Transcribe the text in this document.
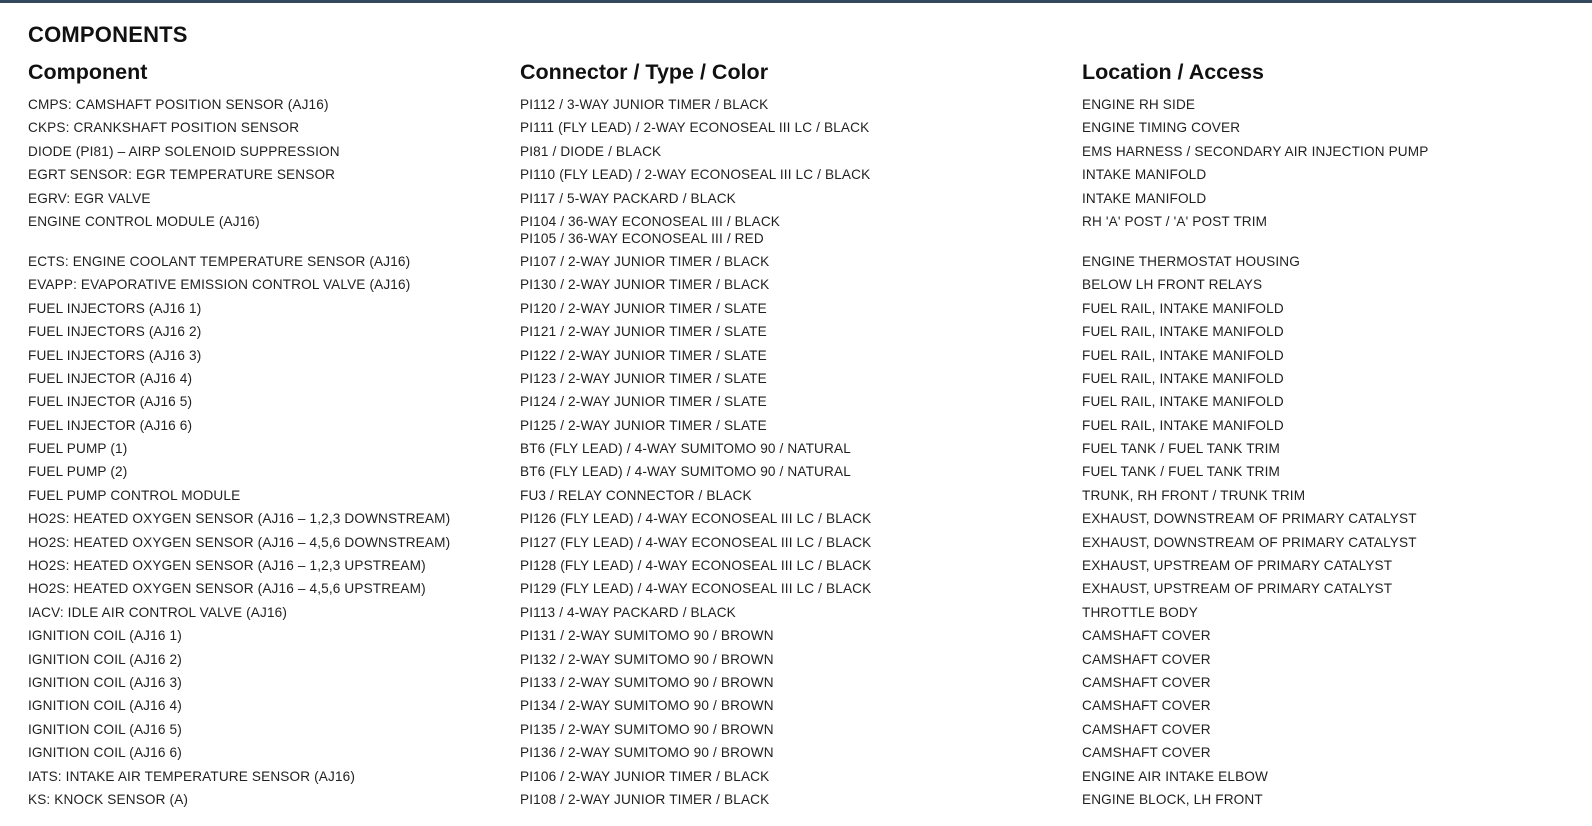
COMPONENTS
Component
CMPS: CAMSHAFT POSITION SENSOR (AJ16)
CKPS: CRANKSHAFT POSITION SENSOR
DIODE (PI81) – AIRP SOLENOID SUPPRESSION
EGRT SENSOR: EGR TEMPERATURE SENSOR
EGRV: EGR VALVE
ENGINE CONTROL MODULE (AJ16)
ECTS: ENGINE COOLANT TEMPERATURE SENSOR (AJ16)
EVAPP: EVAPORATIVE EMISSION CONTROL VALVE (AJ16)
FUEL INJECTORS (AJ16 1)
FUEL INJECTORS (AJ16 2)
FUEL INJECTORS (AJ16 3)
FUEL INJECTOR (AJ16 4)
FUEL INJECTOR (AJ16 5)
FUEL INJECTOR (AJ16 6)
FUEL PUMP (1)
FUEL PUMP (2)
FUEL PUMP CONTROL MODULE
HO2S: HEATED OXYGEN SENSOR (AJ16 – 1,2,3 DOWNSTREAM)
HO2S: HEATED OXYGEN SENSOR (AJ16 – 4,5,6 DOWNSTREAM)
HO2S: HEATED OXYGEN SENSOR (AJ16 – 1,2,3 UPSTREAM)
HO2S: HEATED OXYGEN SENSOR (AJ16 – 4,5,6 UPSTREAM)
IACV: IDLE AIR CONTROL VALVE (AJ16)
IGNITION COIL (AJ16 1)
IGNITION COIL (AJ16 2)
IGNITION COIL (AJ16 3)
IGNITION COIL (AJ16 4)
IGNITION COIL (AJ16 5)
IGNITION COIL (AJ16 6)
IATS: INTAKE AIR TEMPERATURE SENSOR (AJ16)
KS: KNOCK SENSOR (A)
Connector / Type / Color
PI112 / 3-WAY JUNIOR TIMER / BLACK
PI111 (FLY LEAD) / 2-WAY ECONOSEAL III LC / BLACK
PI81 / DIODE / BLACK
PI110 (FLY LEAD) / 2-WAY ECONOSEAL III LC / BLACK
PI117 / 5-WAY PACKARD / BLACK
PI104 / 36-WAY ECONOSEAL III / BLACK
PI105 / 36-WAY ECONOSEAL III / RED
PI107 / 2-WAY JUNIOR TIMER / BLACK
PI130 / 2-WAY JUNIOR TIMER / BLACK
PI120 / 2-WAY JUNIOR TIMER / SLATE
PI121 / 2-WAY JUNIOR TIMER / SLATE
PI122 / 2-WAY JUNIOR TIMER / SLATE
PI123 / 2-WAY JUNIOR TIMER / SLATE
PI124 / 2-WAY JUNIOR TIMER / SLATE
PI125 / 2-WAY JUNIOR TIMER / SLATE
BT6 (FLY LEAD) / 4-WAY SUMITOMO 90 / NATURAL
BT6 (FLY LEAD) / 4-WAY SUMITOMO 90 / NATURAL
FU3 / RELAY CONNECTOR / BLACK
PI126 (FLY LEAD) / 4-WAY ECONOSEAL III LC / BLACK
PI127 (FLY LEAD) / 4-WAY ECONOSEAL III LC / BLACK
PI128 (FLY LEAD) / 4-WAY ECONOSEAL III LC / BLACK
PI129 (FLY LEAD) / 4-WAY ECONOSEAL III LC / BLACK
PI113 / 4-WAY PACKARD / BLACK
PI131 / 2-WAY SUMITOMO 90 / BROWN
PI132 / 2-WAY SUMITOMO 90 / BROWN
PI133 / 2-WAY SUMITOMO 90 / BROWN
PI134 / 2-WAY SUMITOMO 90 / BROWN
PI135 / 2-WAY SUMITOMO 90 / BROWN
PI136 / 2-WAY SUMITOMO 90 / BROWN
PI106 / 2-WAY JUNIOR TIMER / BLACK
PI108 / 2-WAY JUNIOR TIMER / BLACK
Location / Access
ENGINE RH SIDE
ENGINE TIMING COVER
EMS HARNESS / SECONDARY AIR INJECTION PUMP
INTAKE MANIFOLD
INTAKE MANIFOLD
RH 'A' POST / 'A' POST TRIM
ENGINE THERMOSTAT HOUSING
BELOW LH FRONT RELAYS
FUEL RAIL, INTAKE MANIFOLD
FUEL RAIL, INTAKE MANIFOLD
FUEL RAIL, INTAKE MANIFOLD
FUEL RAIL, INTAKE MANIFOLD
FUEL RAIL, INTAKE MANIFOLD
FUEL RAIL, INTAKE MANIFOLD
FUEL TANK / FUEL TANK TRIM
FUEL TANK / FUEL TANK TRIM
TRUNK, RH FRONT / TRUNK TRIM
EXHAUST, DOWNSTREAM OF PRIMARY CATALYST
EXHAUST, DOWNSTREAM OF PRIMARY CATALYST
EXHAUST, UPSTREAM OF PRIMARY CATALYST
EXHAUST, UPSTREAM OF PRIMARY CATALYST
THROTTLE BODY
CAMSHAFT COVER
CAMSHAFT COVER
CAMSHAFT COVER
CAMSHAFT COVER
CAMSHAFT COVER
CAMSHAFT COVER
ENGINE AIR INTAKE ELBOW
ENGINE BLOCK, LH FRONT
